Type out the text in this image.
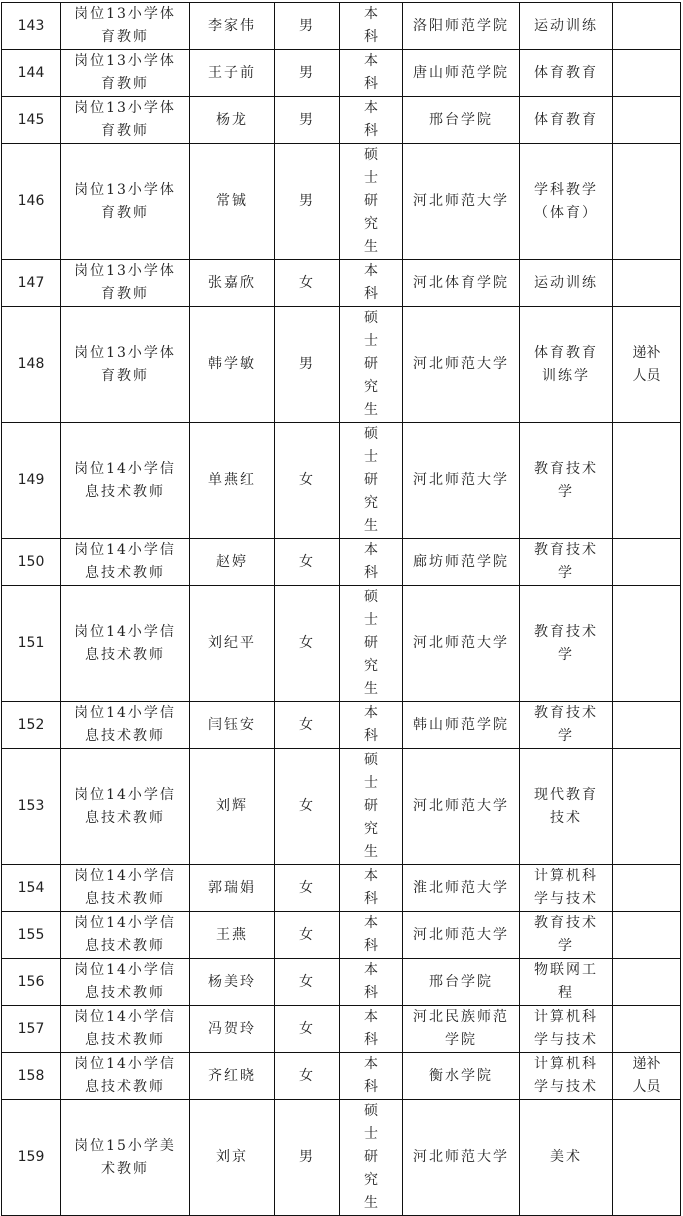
143	岗位13小学体育教师	李家伟	男	本科	洛阳师范学院	运动训练	

144	岗位13小学体育教师	王子前	男	本科	唐山师范学院	体育教育	

145	岗位13小学体育教师	杨龙	男	本科	邢台学院	体育教育	

146	岗位13小学体育教师	常铖	男	硕士研究生	河北师范大学	学科教学（体育）	

147	岗位13小学体育教师	张嘉欣	女	本科	河北体育学院	运动训练	

148	岗位13小学体育教师	韩学敏	男	硕士研究生	河北师范大学	体育教育训练学	递补人员

149	岗位14小学信息技术教师	单燕红	女	硕士研究生	河北师范大学	教育技术学	

150	岗位14小学信息技术教师	赵婷	女	本科	廊坊师范学院	教育技术学	

151	岗位14小学信息技术教师	刘纪平	女	硕士研究生	河北师范大学	教育技术学	

152	岗位14小学信息技术教师	闫钰安	女	本科	韩山师范学院	教育技术学	

153	岗位14小学信息技术教师	刘辉	女	硕士研究生	河北师范大学	现代教育技术	

154	岗位14小学信息技术教师	郭瑞娟	女	本科	淮北师范大学	计算机科学与技术	

155	岗位14小学信息技术教师	王燕	女	本科	河北师范大学	教育技术学	

156	岗位14小学信息技术教师	杨美玲	女	本科	邢台学院	物联网工程	

157	岗位14小学信息技术教师	冯贺玲	女	本科	河北民族师范学院	计算机科学与技术	

158	岗位14小学信息技术教师	齐红晓	女	本科	衡水学院	计算机科学与技术	递补人员

159	岗位15小学美术教师	刘京	男	硕士研究生	河北师范大学	美术	
